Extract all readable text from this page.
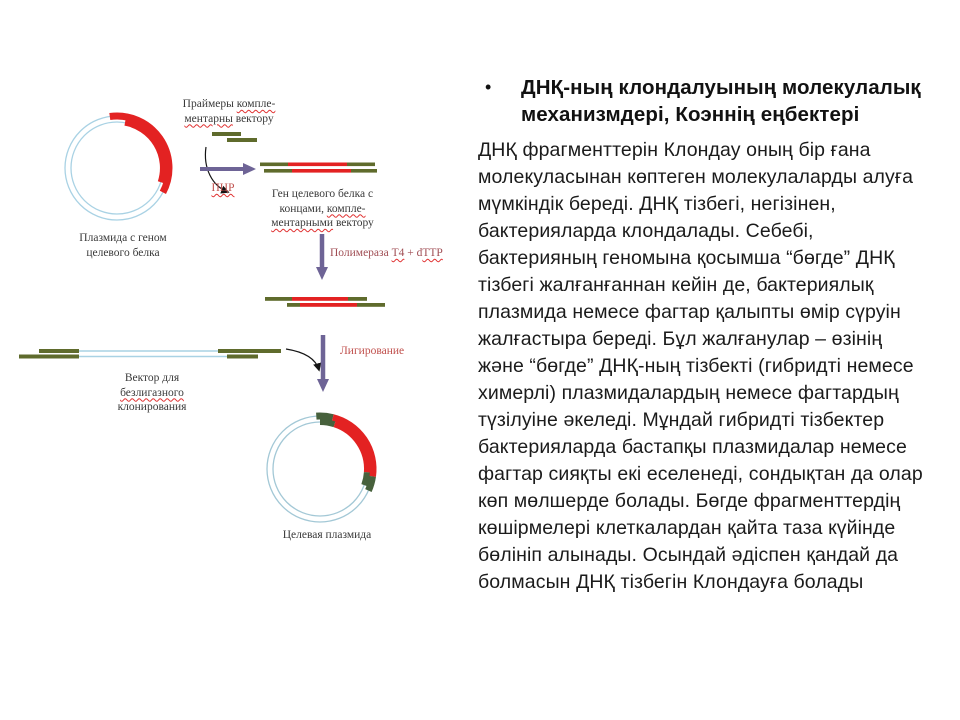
Праймеры компле-
ментарны вектору
ПЦР	Ген целевого белка с
концами, компле-
ментарными вектору
Полимераза Т4 + dТТР
Вектор для
безлигазного
клонирования
Лигирование
Плазмида с геном
целевого белка
Целевая плазмида
•	ДНҚ-ның клондалуының молекулалық механизмдері, Коэннің еңбектері

ДНҚ фрагменттерін Клондау оның бір ғана молекуласынан көптеген молекулаларды алуға мүмкіндік береді. ДНҚ тізбегі, негізінен, бактерияларда клондалады. Себебі, бактерияның геномына қосымша “бөгде” ДНҚ тізбегі жалғанғаннан кейін де, бактериялық плазмида немесе фагтар қалыпты өмір сүруін жалғастыра береді. Бұл жалғанулар – өзінің және “бөгде” ДНҚ-ның тізбекті (гибридті немесе химерлі) плазмидалардың немесе фагтардың түзілуіне әкеледі. Мұндай гибридті тізбектер бактерияларда бастапқы плазмидалар немесе фагтар сияқты екі еселенеді, сондықтан да олар көп мөлшерде болады. Бөгде фрагменттердің көшірмелері клеткалардан қайта таза күйінде бөлініп алынады. Осындай әдіспен қандай да болмасын ДНҚ тізбегін Клондауға болады
